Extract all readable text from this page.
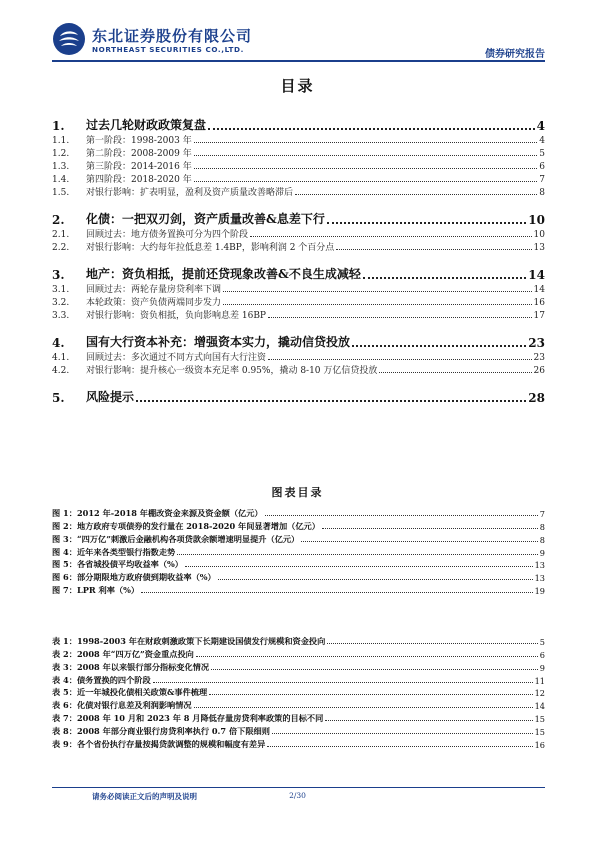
东北证券股份有限公司
NORTHEAST SECURITIES CO.,LTD.	债券研究报告
目录
1.	过去几轮财政政策复盘	4
1.1.	第一阶段：1998-2003 年	4
1.2.	第二阶段：2008-2009 年	5
1.3.	第三阶段：2014-2016 年	6
1.4.	第四阶段：2018-2020 年	7
1.5.	对银行影响：扩表明显，盈利及资产质量改善略滞后	8
2.	化债：一把双刃剑，资产质量改善&息差下行	10
2.1.	回顾过去：地方债务置换可分为四个阶段	10
2.2.	对银行影响：大约每年拉低息差 1.4BP，影响利润 2 个百分点	13
3.	地产：资负相抵，提前还贷现象改善&不良生成减轻	14
3.1.	回顾过去：两轮存量房贷利率下调	14
3.2.	本轮政策：资产负债两端同步发力	16
3.3.	对银行影响：资负相抵，负向影响息差 16BP	17
4.	国有大行资本补充：增强资本实力，撬动信贷投放	23
4.1.	回顾过去：多次通过不同方式向国有大行注资	23
4.2.	对银行影响：提升核心一级资本充足率 0.95%，撬动 8-10 万亿信贷投放	26
5.	风险提示	28
图表目录
图 1： 2012 年-2018 年棚改资金来源及资金额（亿元）	7
图 2： 地方政府专项债券的发行量在 2018-2020 年间显著增加（亿元）	8
图 3： “四万亿”刺激后金融机构各项贷款余额增速明显提升（亿元）	8
图 4： 近年来各类型银行指数走势	9
图 5： 各省城投债平均收益率（%）	13
图 6： 部分期限地方政府债到期收益率（%）	13
图 7： LPR 利率（%）	19
表 1： 1998-2003 年在财政刺激政策下长期建设国债发行规模和资金投向	5
表 2： 2008 年“四万亿”资金重点投向	6
表 3： 2008 年以来银行部分指标变化情况	9
表 4： 债务置换的四个阶段	11
表 5： 近一年城投化债相关政策&事件梳理	12
表 6： 化债对银行息差及利润影响情况	14
表 7： 2008 年 10 月和 2023 年 8 月降低存量房贷利率政策的目标不同	15
表 8： 2008 年部分商业银行房贷利率执行 0.7 倍下限细则	15
表 9： 各个省份执行存量按揭贷款调整的规模和幅度有差异	16
请务必阅读正文后的声明及说明	2/30
